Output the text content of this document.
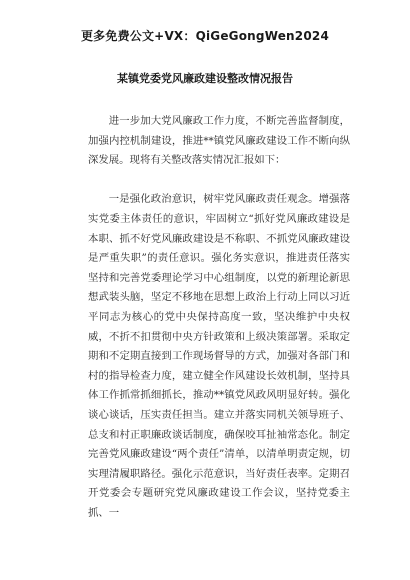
更多免费公文+VX：QiGeGongWen2024
某镇党委党风廉政建设整改情况报告

进一步加大党风廉政工作力度，不断完善监督制度，加强内控机制建设，推进**镇党风廉政建设工作不断向纵深发展。现将有关整改落实情况汇报如下：

一是强化政治意识，树牢党风廉政责任观念。增强落实党委主体责任的意识，牢固树立“抓好党风廉政建设是本职、抓不好党风廉政建设是不称职、不抓党风廉政建设是严重失职”的责任意识。强化务实意识，推进责任落实坚持和完善党委理论学习中心组制度，以党的新理论新思想武装头脑，坚定不移地在思想上政治上行动上同以习近平同志为核心的党中央保持高度一致，坚决维护中央权威，不折不扣贯彻中央方针政策和上级决策部署。采取定期和不定期直接到工作现场督导的方式，加强对各部门和村的指导检查力度，建立健全作风建设长效机制，坚持具体工作抓常抓细抓长，推动**镇党风政风明显好转。强化谈心谈话，压实责任担当。建立并落实同机关领导班子、总支和村正职廉政谈话制度，确保咬耳扯袖常态化。制定完善党风廉政建设“两个责任”清单，以清单明责定规，切实理清履职路径。强化示范意识，当好责任表率。定期召开党委会专题研究党风廉政建设工作会议，坚持党委主抓、一
